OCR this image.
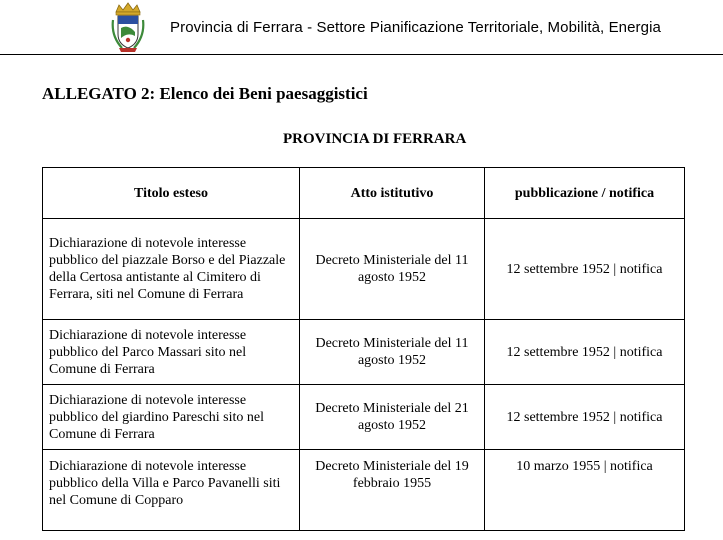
Provincia di Ferrara - Settore Pianificazione Territoriale, Mobilità, Energia
ALLEGATO 2: Elenco dei Beni paesaggistici
PROVINCIA DI FERRARA
Titolo esteso	Atto istitutivo	pubblicazione / notifica
Dichiarazione di notevole interesse pubblico del piazzale Borso e del Piazzale della Certosa antistante al Cimitero di Ferrara, siti nel Comune di Ferrara	Decreto Ministeriale del 11 agosto 1952	12 settembre 1952 | notifica
Dichiarazione di notevole interesse pubblico del Parco Massari sito nel Comune di Ferrara	Decreto Ministeriale del 11 agosto 1952	12 settembre 1952 | notifica
Dichiarazione di notevole interesse pubblico del giardino Pareschi sito nel Comune di Ferrara	Decreto Ministeriale del 21 agosto 1952	12 settembre 1952 | notifica
Dichiarazione di notevole interesse pubblico della Villa e Parco Pavanelli siti nel Comune di Copparo	Decreto Ministeriale del 19 febbraio 1955	10 marzo 1955 | notifica
